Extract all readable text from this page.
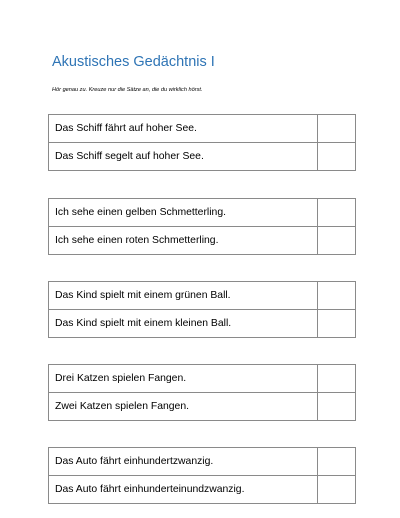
Akustisches Gedächtnis I

Hör genau zu. Kreuze nur die Sätze an, die du wirklich hörst.

Das Schiff fährt auf hoher See.	
Das Schiff segelt auf hoher See.	
Ich sehe einen gelben Schmetterling.	
Ich sehe einen roten Schmetterling.	
Das Kind spielt mit einem grünen Ball.	
Das Kind spielt mit einem kleinen Ball.	
Drei Katzen spielen Fangen.	
Zwei Katzen spielen Fangen.	
Das Auto fährt einhundertzwanzig.	
Das Auto fährt einhunderteinundzwanzig.	
